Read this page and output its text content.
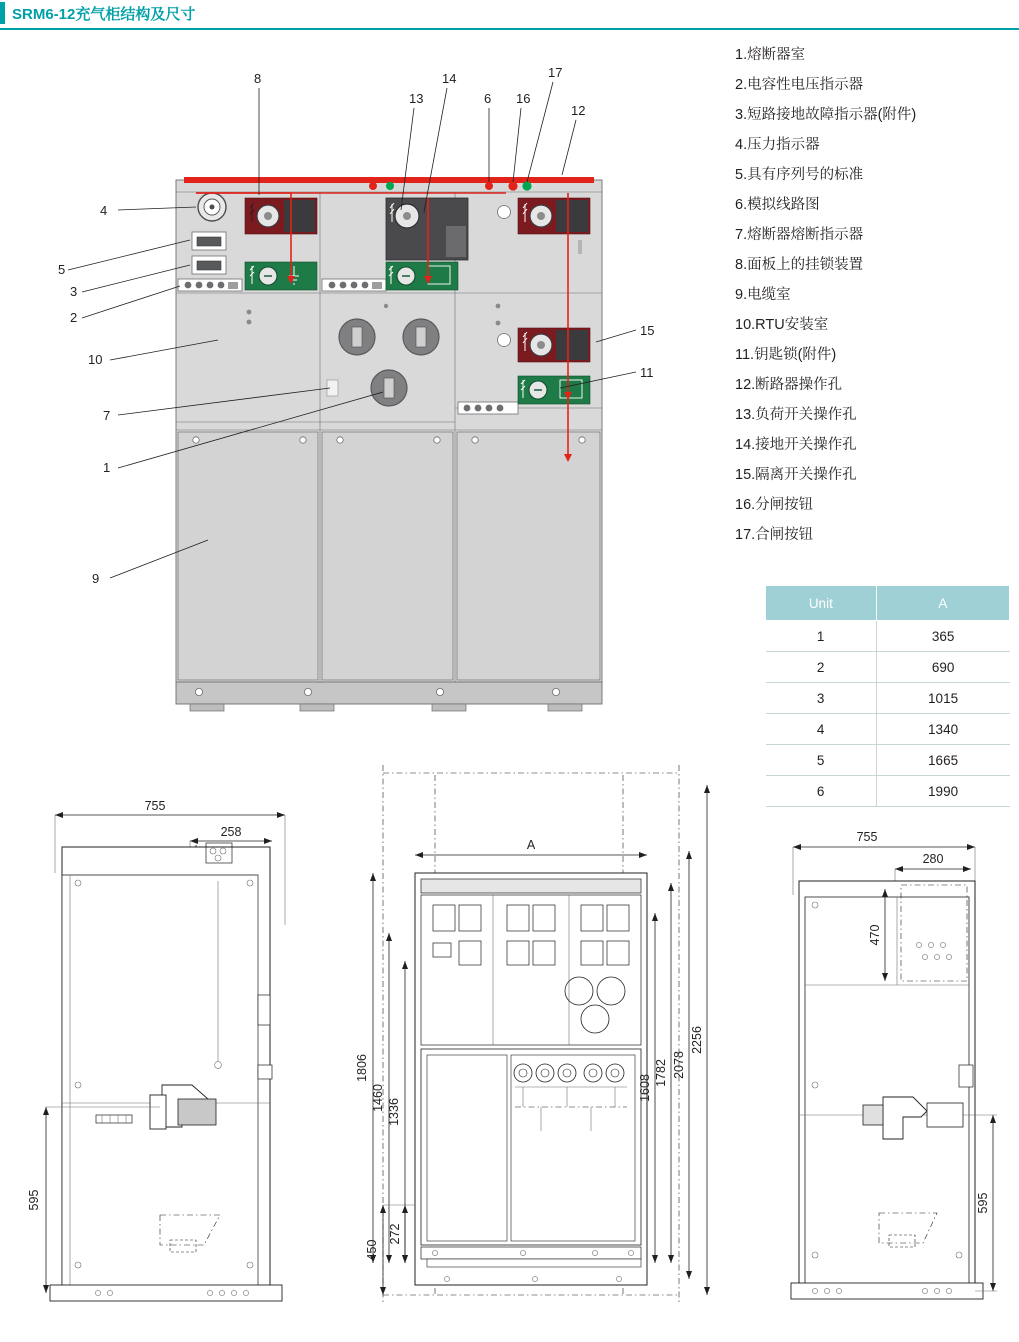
SRM6-12充气柜结构及尺寸
1.熔断器室
2.电容性电压指示器
3.短路接地故障指示器(附件)
4.压力指示器
5.具有序列号的标准
6.模拟线路图
7.熔断器熔断指示器
8.面板上的挂锁装置
9.电缆室
10.RTU安装室
11.钥匙锁(附件)
12.断路器操作孔
13.负荷开关操作孔
14.接地开关操作孔
15.隔离开关操作孔
16.分闸按钮
17.合闸按钮
Unit	A
1	365
2	690
3	1015
4	1340
5	1665
6	1990
8	14
13
17
6 16
12
4
5
3
2
10
7
1
9
15
11
755
258
595
A
1806
1460
1336
1608
1782 2078
2256
272
450
755
280
470
595
